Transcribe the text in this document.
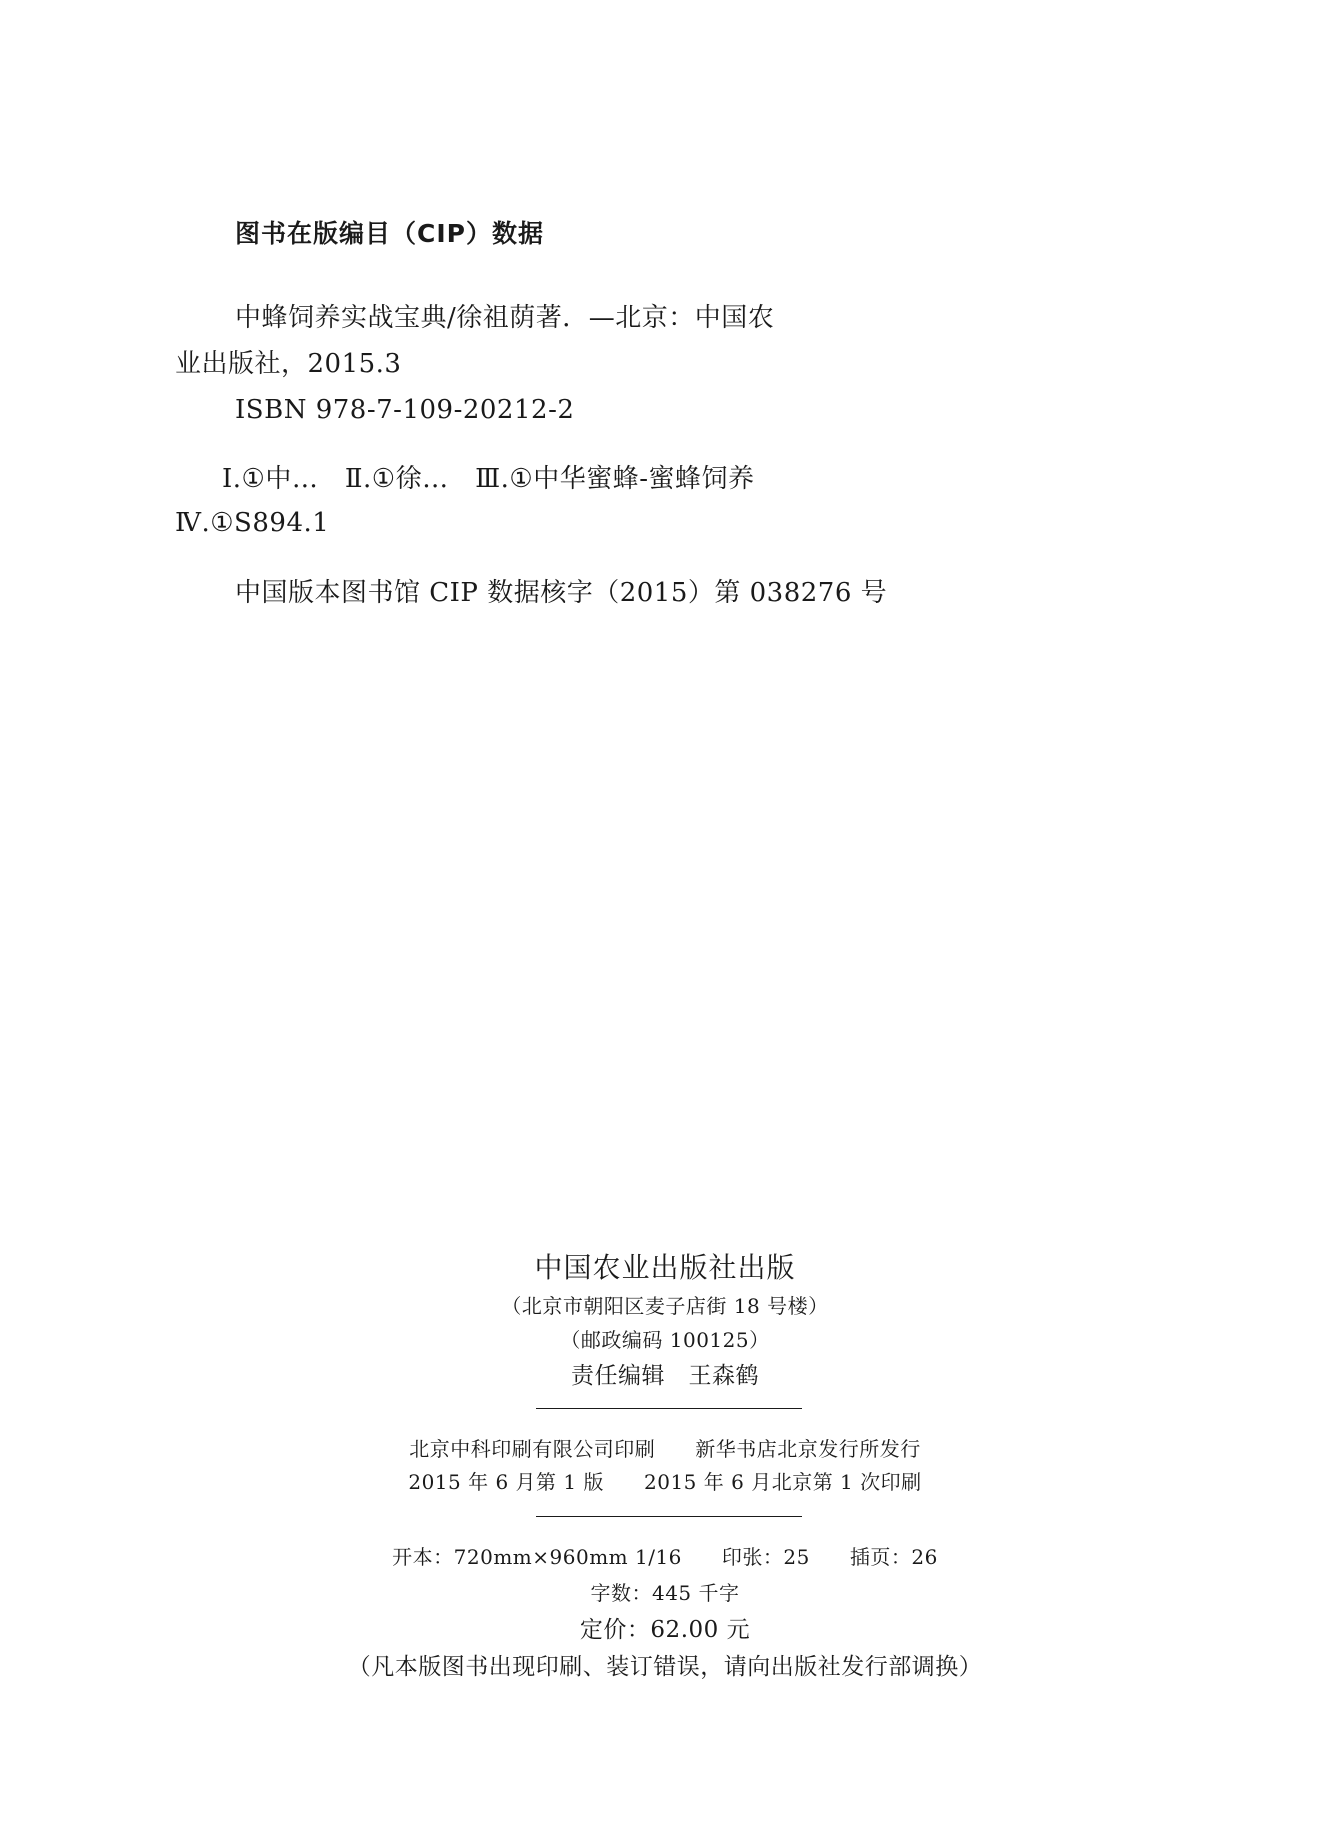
图书在版编目（CIP）数据
中蜂饲养实战宝典/徐祖荫著．—北京：中国农
业出版社，2015.3
ISBN 978-7-109-20212-2
Ⅰ.①中…　Ⅱ.①徐…　Ⅲ.①中华蜜蜂-蜜蜂饲养
Ⅳ.①S894.1
中国版本图书馆 CIP 数据核字（2015）第 038276 号
中国农业出版社出版
（北京市朝阳区麦子店街 18 号楼）
（邮政编码 100125）
责任编辑　王森鹤
北京中科印刷有限公司印刷 新华书店北京发行所发行
2015 年 6 月第 1 版 2015 年 6 月北京第 1 次印刷
开本：720mm×960mm 1/16 印张：25 插页：26
字数：445 千字
定价：62.00 元
（凡本版图书出现印刷、装订错误，请向出版社发行部调换）
